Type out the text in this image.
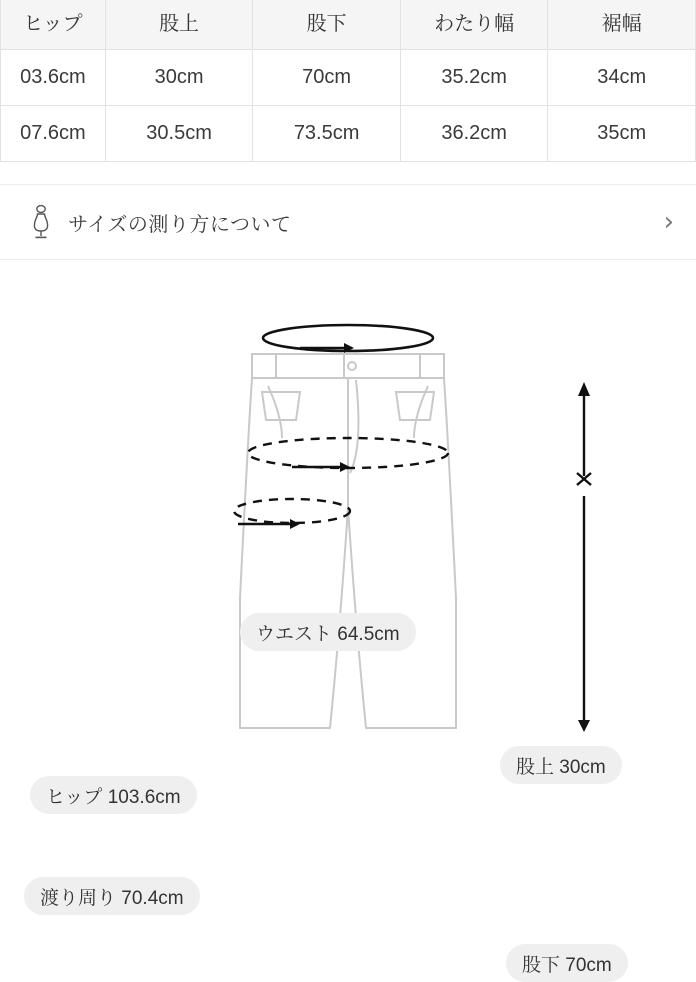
ヒップ	股上	股下	わたり幅	裾幅
03.6cm	30cm	70cm	35.2cm	34cm
07.6cm	30.5cm	73.5cm	36.2cm	35cm
サイズの測り方について	›
ウエスト 64.5cm
ヒップ 103.6cm
渡り周り 70.4cm
股上 30cm
股下 70cm
